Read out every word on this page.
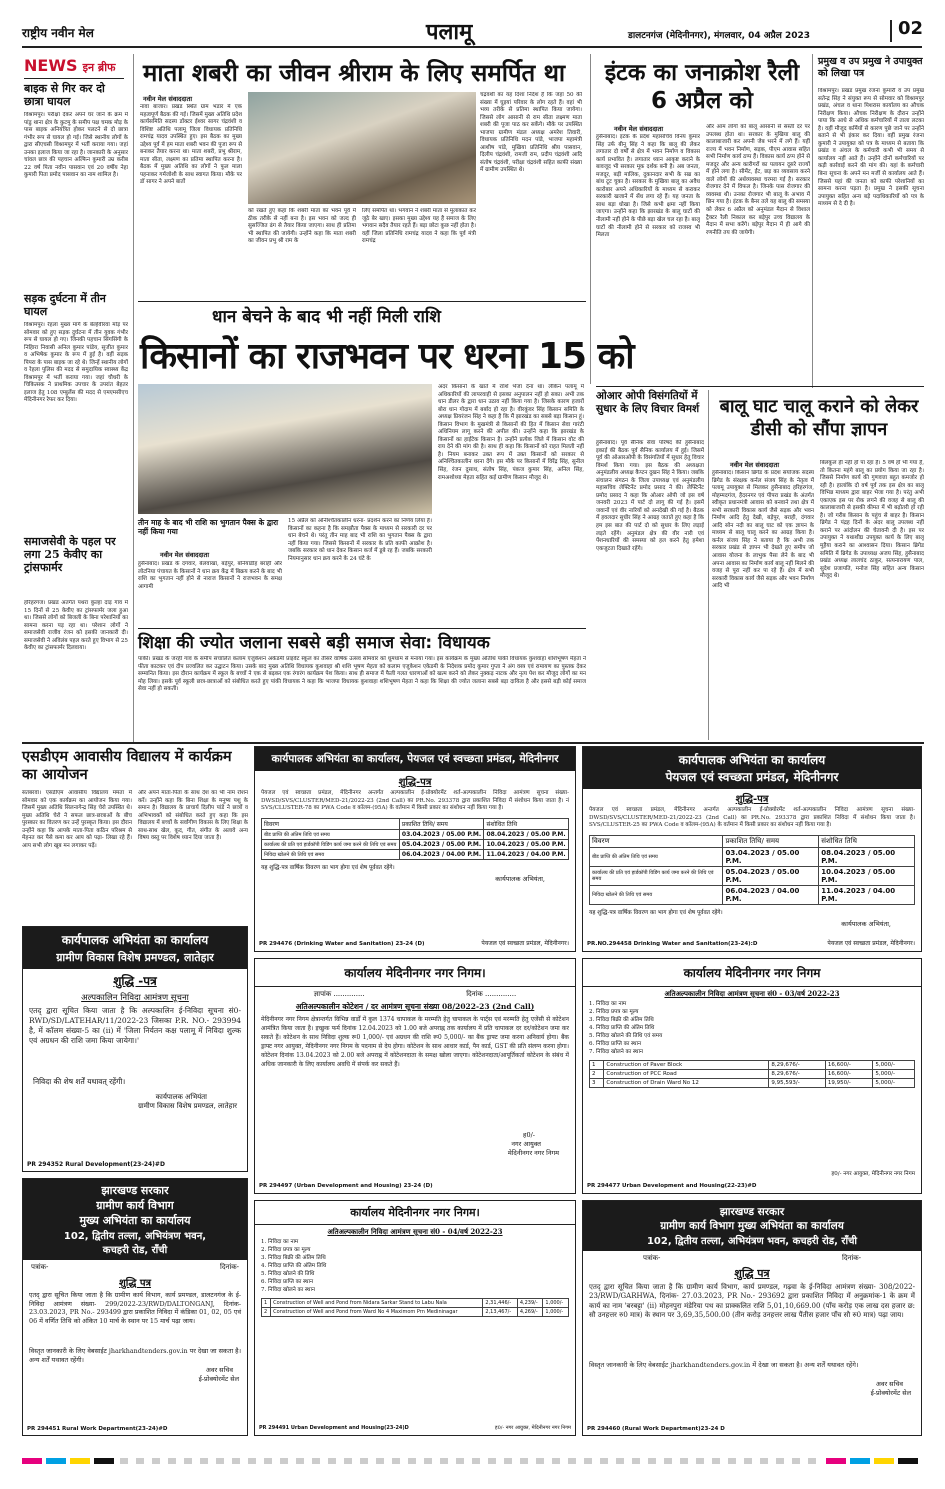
राष्ट्रीय नवीन मेल	पलामू	डालटनगंज (मेदिनीनगर), मंगलवार, 04 अप्रैल 2023	02
NEWS इन ब्रीफ
बाइक से गिर कर दो छात्रा घायल
विश्रामपुर। परीक्षा देकर अपने घर जाने के क्रम में पांडु थाना क्षेत्र के कुटमु के समीप पक्ष चमक मोड़ के पास बाइक अनियंत्रित होकर पलटने से दो छात्रा गंभीर रूप से घायल हो गई। जिसे स्थानीय लोगों के द्वारा सीएचसी विश्रामपुर में भर्ती कराया गया। जहां उनका इलाज किया जा रहा है। जानकारी के अनुसार चांवल छात्र की पहचान अल्फिन कुमारी उम्र करीब 22 वर्ष पिता नवीन पासवान एवं 20 वर्षीय नेहा कुमारी पिता प्रमोद पासवान का नाम शामिल है।
सड़क दुर्घटना में तीन घायल
विश्रामपुर। रेहला मुख्य मार्ग के बेल्हेवीरवा मोड़ पर सोमवार को हुए सड़क दुर्घटना में तीन युवक गंभीर रूप से घायल हो गए। जिनकी पहचान सिंगसिंगी के निहिारा निवासी अनिल कुमार पांडेय, सुजीत कुमार व अभिषेक कुमार के रूप में हुई है। वहीं सड़क पिपरा के पास बाइक जा रहे थे। जिन्हें स्थानीय लोगों व रेहला पुलिस की मदद से समुदायिक स्वास्थ्य केंद्र विश्रामपुर में भर्ती कराया गया। जहां चौधरी के चिकित्सक ने प्राथमिक उपचार के उपरांत बेहतर इलाज हेतु 108 एम्बुलेंस की मदद से एमएमसीएच मेदिनीनगर रेफर कर दिया।
समाजसेवी के पहल पर लगा 25 केवीए का ट्रांसफार्मर
हरिहरगंज। प्रखंड अंतर्गत पथरा कुल्हा दाड़ गांव में 15 दिनों से 25 केवीए का ट्रांसफार्मर जला हुआ था। जिससे लोगों को बिजली के बिना परेशानियों का सामना करना पड़ रहा था। परेशान लोगों ने समाजसेवी राजीव रंजन को इसकी जानकारी दी। समाजसेवी ने अविलंब पहल करते हुए विभाग से 25 केवीए का ट्रांसफार्मर दिलवाया।
माता शबरी का जीवन श्रीराम के लिए समर्पित था
नवीन मेल संवाददाता
नावा बाजार। प्रखंड स्थित ग्राम भंडार में एक महत्वपूर्ण बैठक की गई। जिसमें मुख्य अतिथि प्रदेश कार्यसमिति सदस्य डॉक्टर ईश्वर सागर चंद्रवंशी व विशिष्ट अतिथि पलामू जिला विधायक प्रतिनिधि रामचंद्र यादव उपस्थित हुए। इस बैठक का मुख्य उद्देश्य पूर्व में हम माता शबरी भवन की पूजा रूप से बनाकर तैयार करना था। माता शबरी, प्रभु श्रीराम, माता सीता, लक्ष्मण का प्रतिमा स्थापित करना है। बैठक में मुख्य अतिथि का लोगों ने फूल माला पहनाकर गर्मजोशी के साथ स्वागत किया। मौके पर डॉ सागर ने अपने बातों
को रखते हुए कहा कि शबरी माता का भवन पूर्व में ठीक तरीके से नहीं बना है। इस भवन को जल्द ही सुसज्जित ढंग से तैयार किया जाएगा। साथ ही प्रतिमा भी स्थापित की जायेगी। उन्होंने कहा कि माता शबरी का जीवन प्रभु श्री राम के
लिए समर्पित था। भगवान ने शबरी माता से मुलाकात कर जूठे बेर खाए। इसका मुख्य उद्देश्य यह है समाज के लिए भगवान सदैव तैयार रहते हैं। बड़ा छोटा कुछ नहीं होता है। वहीं जिला प्रतिनिधि रामचंद्र यादव ने कहा कि पूर्व मंत्री रामचंद्र
चंद्रवंशी का यह दिशा निर्देश है कि जहां 50 की संख्या में घुइयां परिवार के लोग रहते हैं। वहां भी भव्य तरीके से प्रतिमा स्थापित किया जायेगा। जिससे लोग आसानी से राम सीता लक्ष्मण माता शबरी की पूजा पाठ कर सकेंगे। मौके पर उपस्थित भाजपा ग्रामीण मंडल अध्यक्ष अमरेश तिवारी, विधायक प्रतिनिधि मदन पांडे, भाजपा महामंत्री आशीष पांडे, मुखिया प्रतिनिधि श्रीय पासवान, दिलीप चंद्रवंशी, रामजी राम, प्रदीप चंद्रवंशी आदि संतोष चंद्रवंशी, परीक्षा चंद्रवंशी सहित काफी संख्या में ग्रामीण उपस्थित थे।
धान बेचने के बाद भी नहीं मिली राशि
किसानों का राजभवन पर धरना 15 को
तीन माह के बाद भी राशि का भुगतान पैक्स के द्वारा नहीं किया गया
नवीन मेल संवाददाता
हुसैनाबाद। प्रखंड के दंगवार, बेलवाखा, बड़ेपुर, बनियाडीह बराही और लोटनिया पंचायत के किसानों ने धान क्रय केंद्र में बिक्रय करने के बाद भी राशि का भुगतान नहीं होने से नाराज किसानों ने राजभवन के समक्ष आगामी
15 अप्रैल को अनिश्चितकालीन धरना- प्रदर्शन करने का निर्णय लिया है। किसानों का कहना है कि समझौता पैक्स के माध्यम से सरकारी दर पर धान बेचने थे। परंतु तीन माह बाद भी राशि का भुगतान पैक्स के द्वारा नहीं किया गया। जिससे किसानों में सरकार के प्रति काफी आक्रोश है। जबकि सरकार को धान देकर किसान कर्ज में डूबे रह हैं। जबकि सरकारी नियमानुसार धान क्रय करने के 24 घंटे के
अंदर किसानों के खाते में राशि भेजा देना था। लेकिन पलामू में अधिकारियों की लापरवाही से इसका अनुपालन नहीं हो सका। अभी तक धान डीलर के द्वारा धान उठाव नहीं किया गया है। जिसके कारण हजारों बोरा धान गोदाम में बर्बाद हो रहा है। वीरकुंवर सिंह किसान समिति के अध्यक्ष प्रियरंजन सिंह ने कहा है कि मैं झारखंड का सबसे बड़ा किसान हूं। किसान विभाग के मुखमंत्री से किसानों की हित में किसान सेवा गारंटी अधिनियम लागू करने की अपील की। उन्होंने कहा कि झारखंड के किसानों का हाईटेक किसान है। उन्होंने प्रत्येक जिले में किसान वोट की राय देने की मांग की है। साथ ही कहा कि किसानों को राहत मिलती नहीं है। नियम बनाकर उक्त रूप में उक्त किसानों को सरकार से अनिश्चितकालीन धरना देंगे। इस मौके पर किसानों में विरेंद्र सिंह, सुनील सिंह, रंजन दुसाध, संतोष सिंह, पंकज कुमार सिंह, अनिल सिंह, रामअशोध्या मेहता सहित कई ग्रामीण किसान मौजूद थे।
शिक्षा की ज्योत जलाना सबसे बड़ी समाज सेवा: विधायक
पांकी। प्रखंड के जरही गांव के समीप संचालित कलाम एजुकेशन अकेडमी प्राइवेट स्कूल का तीसरे वार्षिक उत्सव सोमवार को धूमधाम से मनाया गया। इस कार्यक्रम के मुख्य अतिथि पांकी विधायक कुशवाहा शशिभूषण मेहता ने फीता काटकर एवं दीप प्रज्वलित कर उद्घाटन किया। उसके बाद मुख्य अतिथि विधायक कुशवाहा श्री शशि भूषण मेहता को कलाम एजुकेशन एकेडमी के निदेशक प्रमोद कुमार गुप्ता ने अंग वस्त्र एवं रामायण का पुस्तक देकर सम्मानित किया। इस दौरान कार्यक्रम में स्कूल के बच्चों ने एक से बढ़कर एक रंगारंग कार्यक्रम पेश किया। साथ ही समाज में फैली गलत धारणाओं को खत्म करने को लेकर नुक्कड़ नाटक और नृत्य पेश कर मौजूद लोगों का मन मोह लिया। इसके पूर्व स्कूली छात्र-छात्राओं को संबोधित करते हुए पांकी विधायक ने कहा कि भाजपा विधायक कुशवाहा शशिभूषण मेहता ने कहा कि शिक्षा की ज्योत जलाना सबसे बड़ा दायित्व है और इससे बड़ी कोई समाज सेवा नहीं हो सकती।
इंटक का जनाक्रोश रैली 6 अप्रैल को
नवीन मेल संवाददाता
हुसैनाबाद। इंटक के प्रदेश महासचिव विनय कुमार सिंह उर्फ बीनू सिंह ने कहा कि बालू की लेकर लगातार दो वर्षों से क्षेत्र में भवन निर्माण व विकास कार्य प्रभावित है। लगातार ध्यान आकृष्ट कराने के बावजूद भी सरकार मूक दर्शक बनी है। अब जनता, मजदूर, बड़ी मालिक, दुकानदार सभी के सब्र का बांध टूट चुका है। सरकार के मुखिया बालू का अवैध कारोबार अपने अधिकारियों के माध्यम से कराकर सरकारी खजाने में सेंध लगा रहे हैं। यह जनता के साथ बड़ा धोखा है। जिसे कभी क्षमा नहीं किया जाएगा। उन्होंने कहा कि झारखंड के बालू घाटों की नीलामी नहीं होने के पीछे बड़ा खेल चल रहा है। बालू घाटों की नीलामी होने से सरकार को राजस्व भी मिलता
और आम लोगों को बालू आसानी से सस्ती दर पर उपलब्ध होता था। सरकार के मुखिया बालू की कालाबाजारी कर अपनी जेब भरने में लगे हैं। यहीं राज्य में भवन निर्माण, सड़क, पीएम आवास सहित सभी निर्माण कार्य ठप्प हैं। विकास कार्य ठप्प होने से मजदूर और अन्य कारीगरों का पलायन दूसरे राज्यों में होने लगा है। सीमेंट, ईंट, छड़ का व्यवसाय करने वाले लोगों की अर्थव्यवस्था चरमरा गई है। सरकार रोजगार देने में विफल है। जिनके पास रोजगार की व्यवस्था थी। उनका रोजगार भी बालू के अभाव में छिन गया है। इंटक के बैनर तले यह बालू की समस्या को लेकर 6 अप्रैल को अनुमंडल मैदान से विशाल ट्रैक्टर रैली निकाल कर बड़ेपुर उच्च विद्यालय के मैदान में सभा करेंगे। बड़ेपुर मैदान में ही आगे की रणनीति तय की जायेगी।
प्रमुख व उप प्रमुख ने उपायुक्त को लिखा पत्र
विश्रामपुर। प्रखंड प्रमुख रंजना कुमारी व उप प्रमुख सतेन्द्र सिंह ने संयुक्त रूप से सोमवार को विश्रामपुर प्रखंड, अंचल व थाना पिशरास कार्यालय का औचक निरीक्षण किया। औचक निरीक्षण के दौरान उन्होंने पाया कि आधे से अधिक कर्मचारियों में ताला लटका है। वहीं मौजूद कर्मियों से कारण पूछे जाने पर उन्होंने बताने से भी इंकार कर दिया। वहीं प्रमुख रंजना कुमारी ने उपायुक्त को पत्र के माध्यम से बताया कि प्रखंड व अंचल के कर्मचारी कभी भी समय से कार्यालय नहीं आते हैं। उन्होंने दोनों कर्मचारियों पर कड़ी कार्रवाई करने की मांग की। यहां के कर्मचारी बिना सूचना के अपने मन मर्जी से कार्यालय आते हैं। जिससे यहां की जनता को काफी परेशानियों का सामना करना पड़ता है। प्रमुख ने इसकी सूचना उपायुक्त सहित अन्य बड़े पदाधिकारियों को पत्र के माध्यम से दे दी है।
ओआर ओपी विसंगतियों में सुधार के लिए विचार विमर्श
हुसैनाबाद। पूर्व सैनिक सेवा परिषद की हुसैनाबाद इकाई की बैठक पूर्व सैनिक कार्यालय में हुई। जिसमें पूर्व की ओआरओपी के विसंगतियों में सुधार हेतु विचार विमर्श किया गया। इस बैठक की अध्यक्षता अनुमंडलीय अध्यक्ष कैप्टन दुखन सिंह ने किया। जबकि संचालन संगठन के जिला उपाध्यक्ष एवं अनुमंडलीय महासचिव लेफ्टिनेंट प्रमोद प्रसाद ने की। लेफ्टिनेंट प्रमोद प्रसाद ने कहा कि ओआर ओपी जो इस वर्ष जनवरी 2023 में पार्ट दो लागू की गई है। इसमें जवानों एवं वीर नारियों को अनदेखी की गई है। बैठक में हवलदार सुधीर सिंह ने आग्रह जताते हुए कहा है कि हम इस बात की पार्ट दो को सुधार के लिए लड़ाई लड़ते रहेंगे। अनुमंडल क्षेत्र की वीर नारी एवं पेंशनधारियों की समस्या को हल करने हेतु हमेशा एकजुटता दिखाते रहेंगे।
बालू घाट चालू कराने को लेकर डीसी को सौंपा ज्ञापन
नवीन मेल संवाददाता
हुसैनाबाद। किसान ब्रिगेड के प्रदेश संयोजक सदस्य ब्रिगेड के संरक्षक कर्नल संजय सिंह के नेतृत्व में पलामू उपायुक्त से मिलकर हुसैनाबाद हरिहरगंज, मोहम्मदगंज, हैदरनगर एवं पीपरा प्रखंड के अंतर्गत स्वीकृत प्रधानमंत्री आवास को बनवाने तथा क्षेत्र में सभी सरकारी विकास कार्य जैसे सड़क और भवन निर्माण आदि हेतु देखी, बड़ेपुर, बराही, दंगवार आदि सोन नदी का बालू घाट को एक ज्ञापन के माध्यम से बालू चालू करने का आग्रह किया है। कर्नल संजय सिंह ने बताया है कि अभी तक सरकार प्रखंड से ज्ञापन भी देखते हुए समीप जो आवास योजना के लाभुक पैसा लेने के बाद भी अपना आवास का निर्माण कार्य बालू नहीं मिलने की वजह से पूरा नहीं कर पा रहे हैं। क्षेत्र में सभी सरकारी विकास कार्य जैसे सड़क और भवन निर्माण आदि भी
बिलकुल ही नहीं हो पा रहा है। 5 वर्ष हो भी गया है, तो कितना महंगे बालू का प्रयोग किया जा रहा है। जिससे निर्माण कार्य की गुणवत्ता बहुत कमजोर हो रही है। हालांकि दो वर्ष पूर्व तक इस क्षेत्र का बालू विभिन्न माध्यम द्वारा बाहर भेजा गया है। परंतु अभी एकाएक इस पर रोक लगने की वजह से बालू की कालाबाजारी से इसकी कीमत में भी बढ़ोतरी हो रही है। जो गरीब किसान के पहुंच से बाहर है। किसान ब्रिगेड ने पंद्रह दिनों के अंदर बालू उपलब्ध नहीं कराने पर आंदोलन की चेतावनी दी है। इस पर उपायुक्त ने यथाशीघ्र उपयुक्त कार्य के लिए बालू मुहैया कराने का आश्वासन दिया। किसान ब्रिगेड समिति में ब्रिगेड के उपाध्यक्ष अजय सिंह, हुसैनाबाद प्रखंड अध्यक्ष लालचंद ठाकुर, सत्यनारायण पाल, सुदेश प्रजापति, मनोज सिंह सहित अन्य किसान मौजूद थे।
एसडीएम आवासीय विद्यालय में कार्यक्रम का आयोजन
सतबरवा। एसडीएम आवासीय विद्यालय ममता में सोमवार को एक कार्यक्रम का आयोजन किया गया। जिसमें मुख्य अतिथि सिलनागेन्द्र सिंह चेरो उपस्थित थे। मुख्य अतिथि चेरो ने सफल छात्र-छात्राओं के बीच पुरस्कार का वितरण कर उन्हें पुरस्कृत किया। इस दौरान उन्होंने कहा कि आपके माता-पिता कठिन परिश्रम से मेहनत कर पैसे कमा कर आप को पढ़ा- लिखा रहे हैं। आप सभी लोग खूब मन लगाकर पढ़ें।
और अपने माता-पिता के साथ देश का भी नाम रोशन करें। उन्होंने कहा कि बिना शिक्षा के मनुष्य पशु के समान है। विद्यालय के प्राचार्य दिलीप पांडे ने छात्रों व अभिभावकों को संबोधित करते हुए कहा कि इस विद्यालय में बच्चों के सर्वांगीण विकास के लिए शिक्षा के साथ-साथ खेल, कूद, गीत, संगीत के अलावे अन्य विषय वस्तु पर विशेष ध्यान दिया जाता है।
कार्यपालक अभियंता का कार्यालय
ग्रामीण विकास विशेष प्रमण्डल, लातेहार
शुद्धि -पत्र
अल्पकालिन निविदा आमंत्रण सूचना
एतद् द्वारा सूचित किया जाता है कि अल्पकालिन ई-निविदा सूचना सं0-RWD/SD/LATEHAR/11/2022-23 जिसका P.R. NO.- 293994 है, में कॉलम संख्या-5 का (ii) में 'जिला निर्यतन कक्ष पलामू में निविदा शुल्क एवं अग्रधन की राशि जमा किया जायेगा।'
निविदा की शेष शर्तें यथावत् रहेंगी।
कार्यपालक अभियंता
ग्रामीण विकास विशेष प्रमण्डल, लातेहार
PR 294352 Rural Development(23-24)#D
झारखण्ड सरकार
ग्रामीण कार्य विभाग
मुख्य अभियंता का कार्यालय
102, द्वितीय तल्ला, अभियंत्रण भवन,
कचहरी रोड, राँची
पत्रांक-	दिनांक-
शुद्धि पत्र
एतद् द्वारा सूचित किया जाता है कि ग्रामीण कार्य विभाग, कार्य प्रमण्डल, डालटनगंज के ई-निविदा आमंत्रण संख्या- 299/2022-23/RWD/DALTONGANJ, दिनांक- 23.03.2023, PR No.- 293499 द्वारा प्रकाशित निविदा में कंडिका 01, 02, 05 एवं 06 में वर्णित तिथि को अंकित 10 मार्च के स्थान पर 15 मार्च पढ़ा जाय।
विस्तृत जानकारी के लिए वेबसाईट jharkhandtenders.gov.in पर देखा जा सकता है। अन्य शर्तें यथावत रहेंगी।
अवर सचिव
ई-प्रोक्योरमेंट सेल
PR 294451 Rural Work Department(23-24)#D
कार्यपालक अभियंता का कार्यालय, पेयजल एवं स्वच्छता प्रमंडल, मेदिनीनगर
शुद्धि-पत्र
पेयजल एवं स्वच्छता प्रमंडल, मेदिनीनगर अन्तर्गत अल्पकालीन ई-प्रोक्योरमेंट शर्त-अल्पकालीन निविदा आमंत्रण सूचना संख्या-DWSD/SVS/CLUSTER/MED-21/2022-23 (2nd Call) का PR.No. 293378 द्वारा प्रकाशित निविदा में संशोधन किया जाता है। नं SVS/CLUSTER-78 का PWA Code व कॉलम-(95A) के वर्तमान में किसी प्रकार का संशोधन नहीं किया गया है।
विवरण	प्रकाशित तिथि/ समय	संशोधित तिथि
बीड प्राप्ति की अंतिम तिथि एवं समय	03.04.2023 / 05.00 P.M.	08.04.2023 / 05.00 P.M.
कार्यालय की प्रति एवं हार्डकॉपी विडिंग कार्य जमा करने की तिथि एवं समय	05.04.2023 / 05.00 P.M.	10.04.2023 / 05.00 P.M.
निविदा खोलने की तिथि एवं समय	06.04.2023 / 04.00 P.M.	11.04.2023 / 04.00 P.M.
यह शुद्धि-पत्र वार्षिक विवरण का भाग होगा एवं शेष पूर्ववत रहेंगे।
कार्यपालक अभियंता,
PR 294476 (Drinking Water and Sanitation) 23-24 (D)	पेयजल एवं स्वच्छता प्रमंडल, मेदिनीनगर।
कार्यालय मेदिनीनगर नगर निगम।
ज्ञापांक ..............	दिनांक ..............
अतिअल्पकालीन कोटेशन / दर आमंत्रण सूचना संख्या 08/2022-23 (2nd Call)
मेदिनीनगर नगर निगम क्षेत्रान्तर्गत विभिन्न वार्डों में कुल 1374 चापाकल के मरम्मति हेतु चापाकल के पार्ट्स एवं मरम्मति हेतु एजेंसी से कोटेशन आमंत्रित किया जाता है। इच्छुक फर्म दिनांक 12.04.2023 को 1.00 बजे अपराह्न तक कार्यालय में प्रति चापाकल दर दर/कोटेशन जमा कर सकते हैं। कोटेशन के साथ निविदा शुल्क रू0 1,000/- एवं अग्रधन की राशि रू0 5,000/- का बैंक ड्राफ्ट जमा करना अनिवार्य होगा। बैंक ड्राफ्ट नगर आयुक्त, मेदिनीनगर नगर निगम के पदनाम से देय होगा। कोटेशन के साथ आधार कार्ड, पैन कार्ड, GST की प्रति संलग्न करना होगा। कोटेशन दिनांक 13.04.2023 को 2.00 बजे अपराह्न में कोटेशनदाता के समक्ष खोला जाएगा। कोटेशनदाता/आपूर्तिकर्ता कोटेशन के संबंध में अधिक जानकारी के लिए कार्यालय अवधि में संपर्क कर सकते हैं।
ह0/-
नगर आयुक्त
मेदिनीनगर नगर निगम
PR 294497 (Urban Development and Housing) 23-24 (D)
कार्यालय मेदिनीनगर नगर निगम।
अतिअल्पकालीन निविदा आमंत्रण सूचना सं0 - 04/वर्ष 2022-23
1. निविदा का नाम
2. निविदा प्रपत्र का मूल्य
3. निविदा बिक्री की अंतिम तिथि
4. निविदा प्राप्ति की अंतिम तिथि
5. निविदा खोलने की तिथि
6. निविदा प्राप्ति का स्थान
7. निविदा खोलने का स्थान
1	Construction of Well and Pond from Nidara Sarkar Stand to Labu Nala	2,31,446/-	4,239/-	1,000/-
2	Construction of Well and Pond from Ward No 4 Maximom Prn Medininagar	2,13,467/-	4,269/-	1,000/-
PR 294491 Urban Development and Housing(23-24)D	ह0/- नगर आयुक्त, मेदिनीनगर नगर निगम
कार्यपालक अभियंता का कार्यालय
पेयजल एवं स्वच्छता प्रमंडल, मेदिनीनगर
शुद्धि-पत्र
पेयजल एवं स्वच्छता प्रमंडल, मेदिनीनगर अन्तर्गत अल्पकालीन ई-प्रोक्योरमेंट शर्त-अल्पकालीन निविदा आमंत्रण सूचना संख्या-DWSD/SVS/CLUSTER/MED-21/2022-23 (2nd Call) का PR.No. 293378 द्वारा प्रकाशित निविदा में संशोधन किया जाता है। SVS/CLUSTER-25 का PWA Code व कॉलम-(95A) के वर्तमान में किसी प्रकार का संशोधन नहीं किया गया है।
विवरण	प्रकाशित तिथि/ समय	संशोधित तिथि
बीड प्राप्ति की अंतिम तिथि एवं समय	03.04.2023 / 05.00 P.M.	08.04.2023 / 05.00 P.M.
कार्यालय की प्रति एवं हार्डकॉपी विडिंग कार्य जमा करने की तिथि एवं समय	05.04.2023 / 05.00 P.M.	10.04.2023 / 05.00 P.M.
निविदा खोलने की तिथि एवं समय	06.04.2023 / 04.00 P.M.	11.04.2023 / 04.00 P.M.
यह शुद्धि-पत्र वार्षिक विवरण का भाग होगा एवं शेष पूर्ववत रहेंगे।
कार्यपालक अभियंता,
PR.NO.294458 Drinking Water and Sanitation(23-24):D	पेयजल एवं स्वच्छता प्रमंडल, मेदिनीनगर।
कार्यालय मेदिनीनगर नगर निगम
अतिअल्पकालीन निविदा आमंत्रण सूचना सं0 - 03/वर्ष 2022-23
1. निविदा का नाम
2. निविदा प्रपत्र का मूल्य
3. निविदा बिक्री की अंतिम तिथि
4. निविदा प्राप्ति की अंतिम तिथि
5. निविदा खोलने की तिथि एवं समय
6. निविदा प्राप्ति का स्थान
7. निविदा खोलने का स्थान
1	Construction of Paver Block	8,29,676/-	16,600/-	5,000/-
2	Construction of PCC Road	8,29,676/-	16,600/-	5,000/-
3	Construction of Drain Ward No 12	9,95,593/-	19,950/-	5,000/-
ह0/- नगर आयुक्त, मेदिनीनगर नगर निगम
PR 294477 Urban Development and Housing(22-23)#D
झारखण्ड सरकार
ग्रामीण कार्य विभाग मुख्य अभियंता का कार्यालय
102, द्वितीय तल्ला, अभियंत्रण भवन, कचहरी रोड, राँची
पत्रांक-	दिनांक-
शुद्धि पत्र
एतद् द्वारा सूचित किया जाता है कि ग्रामीण कार्य विभाग, कार्य प्रमण्डल, गढ़वा के ई-निविदा आमंत्रण संख्या- 308/2022-23/RWD/GARHWA, दिनांक- 27.03.2023, PR No.- 293692 द्वारा प्रकाशित निविदा में अनुक्रमांक-1 के क्रम में कार्य का नाम 'बरबट्टा' (ii) मोहनपुरा मंडेरिया पथ का प्राक्कलित राशि 5,01,10,669.00 (पाँच करोड़ एक लाख दस हजार छ: सौ उनहत्तर रु0 मात्र) के स्थान पर 3,69,35,500.00 (तीन करोड़ उनहत्तर लाख पैंतीस हजार पाँच सौ रु0 मात्र) पढ़ा जाय।
विस्तृत जानकारी के लिए वेबसाईट jharkhandtenders.gov.in में देखा जा सकता है। अन्य शर्तें यथावत रहेंगे।
अवर सचिव
ई-प्रोक्योरमेंट सेल
PR 294460 (Rural Work Department)23-24 D
